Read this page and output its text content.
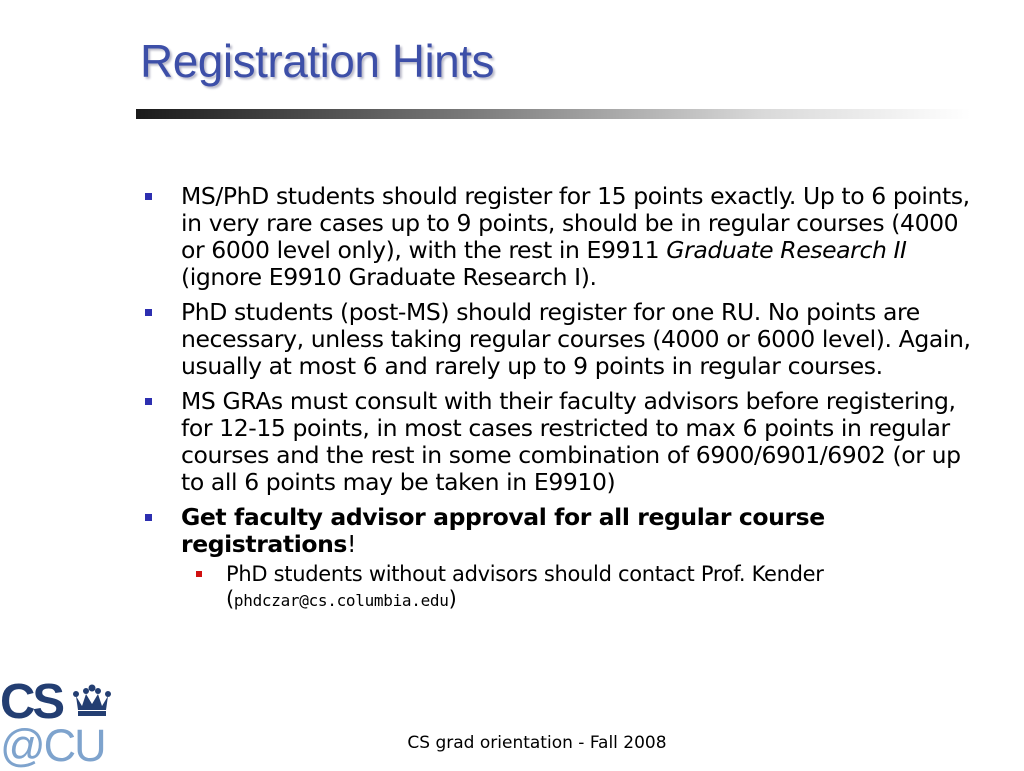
Registration Hints
MS/PhD students should register for 15 points exactly. Up to 6 points, in very rare cases up to 9 points, should be in regular courses (4000 or 6000 level only), with the rest in E9911 Graduate Research II (ignore E9910 Graduate Research I).
PhD students (post-MS) should register for one RU. No points are necessary, unless taking regular courses (4000 or 6000 level). Again, usually at most 6 and rarely up to 9 points in regular courses.
MS GRAs must consult with their faculty advisors before registering, for 12-15 points, in most cases restricted to max 6 points in regular courses and the rest in some combination of 6900/6901/6902 (or up to all 6 points may be taken in E9910)
Get faculty advisor approval for all regular course registrations!
PhD students without advisors should contact Prof. Kender (phdczar@cs.columbia.edu)
CS
@CU	CS grad orientation - Fall 2008
